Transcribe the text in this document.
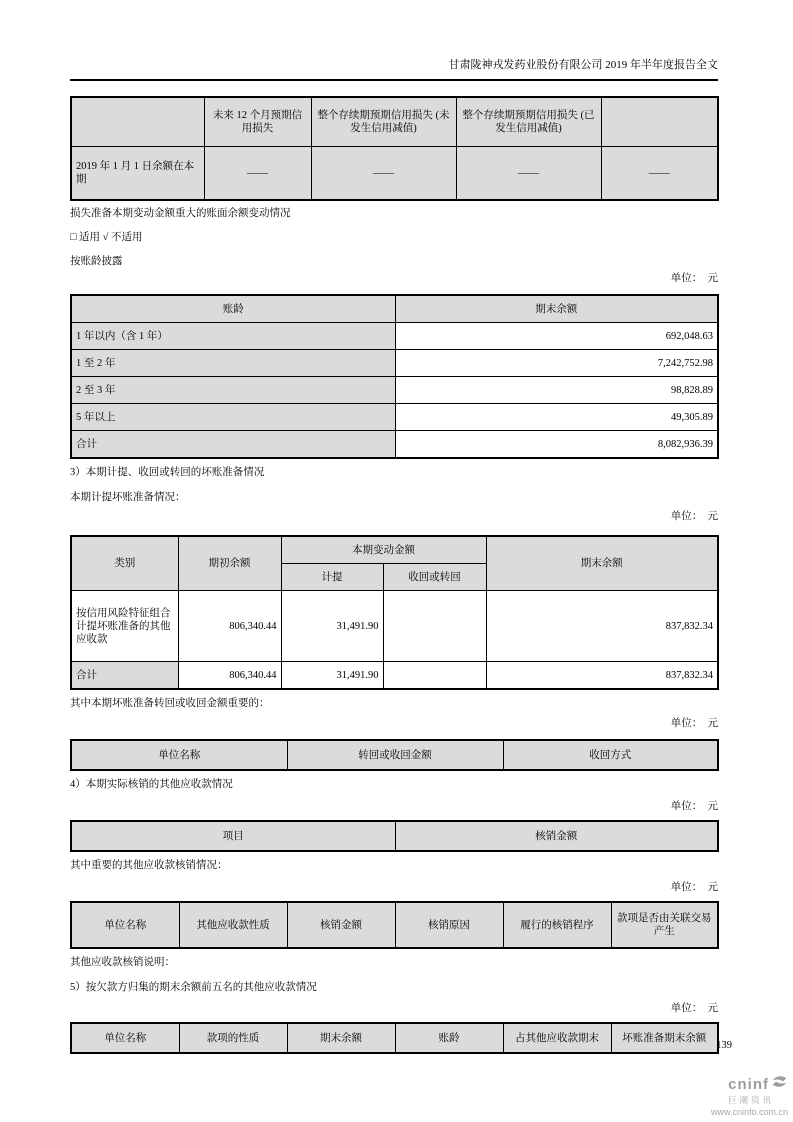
甘肃陇神戎发药业股份有限公司 2019 年半年度报告全文

	未来 12 个月预期信用损失	整个存续期预期信用损失 (未发生信用减值)	整个存续期预期信用损失 (已发生信用减值)	
2019 年 1 月 1 日余额在本期	——	——	——	——

损失准备本期变动金额重大的账面余额变动情况

□ 适用 √ 不适用

按账龄披露

单位：　元

账龄	期末余额
1 年以内（含 1 年）	692,048.63
1 至 2 年	7,242,752.98
2 至 3 年	98,828.89
5 年以上	49,305.89
合计	8,082,936.39

3）本期计提、收回或转回的坏账准备情况

本期计提坏账准备情况：

单位：　元

类别	期初余额	本期变动金额		期末余额
		计提	收回或转回	
按信用风险特征组合计提坏账准备的其他应收款	806,340.44	31,491.90		837,832.34
合计	806,340.44	31,491.90		837,832.34

其中本期坏账准备转回或收回金额重要的：

单位：　元

单位名称	转回或收回金额	收回方式

4）本期实际核销的其他应收款情况

单位：　元

项目	核销金额

其中重要的其他应收款核销情况：

单位：　元

单位名称	其他应收款性质	核销金额	核销原因	履行的核销程序	款项是否由关联交易产生

其他应收款核销说明：

5）按欠款方归集的期末余额前五名的其他应收款情况

单位：　元

单位名称	款项的性质	期末余额	账龄	占其他应收款期末	坏账准备期末余额
139
cninf
巨潮资讯
www.cninfo.com.cn
